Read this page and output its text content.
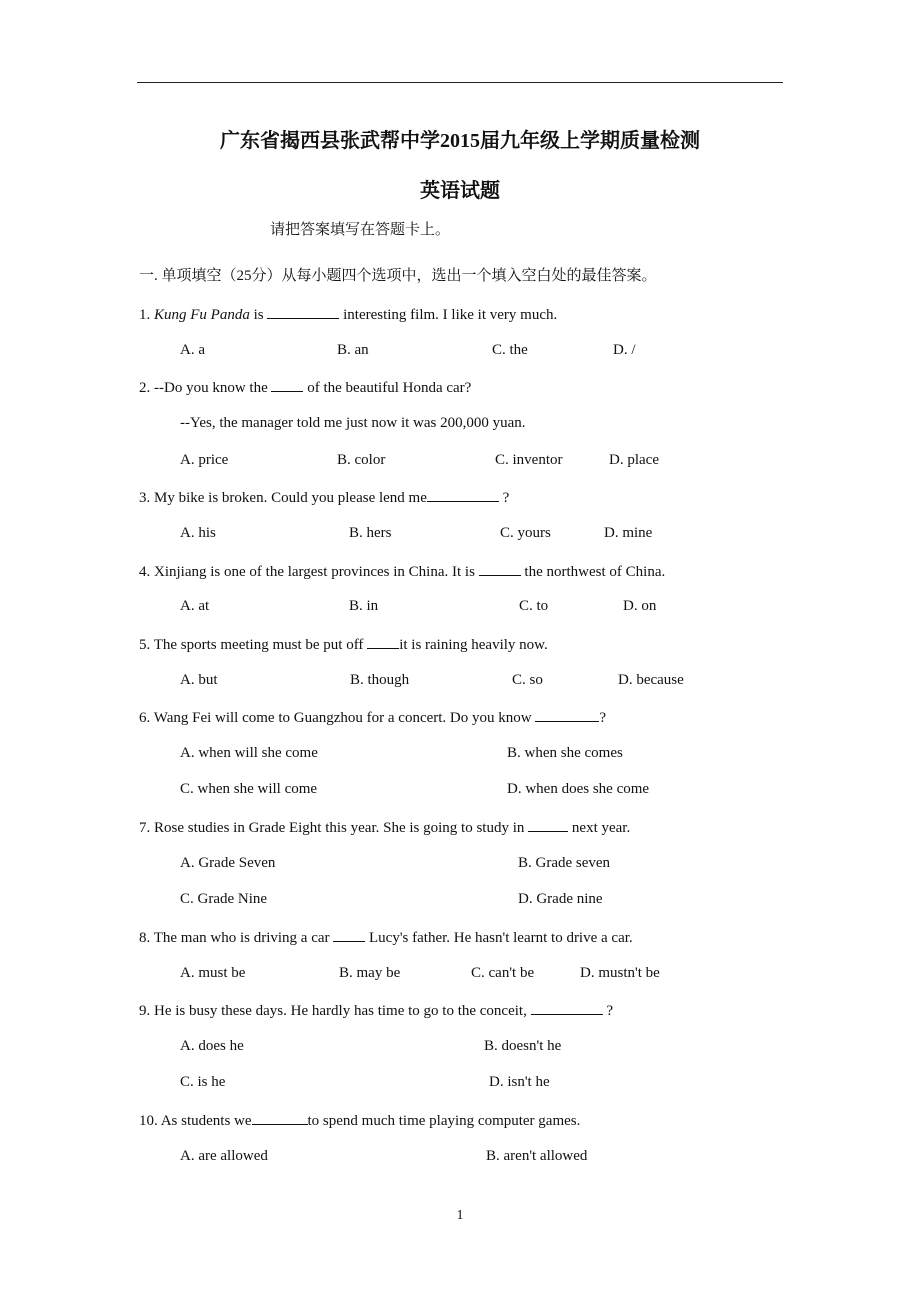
广东省揭西县张武帮中学2015届九年级上学期质量检测
英语试题
请把答案填写在答题卡上。
一. 单项填空（25分）从每小题四个选项中，选出一个填入空白处的最佳答案。
1. Kung Fu Panda is	interesting film. I like it very much.
A. a	B. an	C. the	D. /
2. --Do you know the  of the beautiful Honda car?
--Yes, the manager told me just now it was 200,000 yuan.
A. price	B. color	C. inventor	D. place
3. My bike is broken. Could you please lend me	?
A. his	B. hers	C. yours	D. mine
4. Xinjiang is one of the largest provinces in China. It is	the northwest of China.
A. at	B. in	C. to	D. on
5. The sports meeting must be put off it is raining heavily now.
A. but	B. though	C. so	D. because
6. Wang Fei will come to Guangzhou for a concert. Do you know	?
A. when will she come	B. when she comes
C. when she will come	D. when does she come
7. Rose studies in Grade Eight this year. She is going to study in	next year.
A. Grade Seven	B. Grade seven
C. Grade Nine	D. Grade nine
8. The man who is driving a car  Lucy's father. He hasn't learnt to drive a car.
A. must be	B. may be	C. can't be	D. mustn't be
9. He is busy these days. He hardly has time to go to the conceit,	?
A. does he	B. doesn't he
C. is he	D. isn't he
10. As students we	to spend much time playing computer games.
A. are allowed	B. aren't allowed
1
